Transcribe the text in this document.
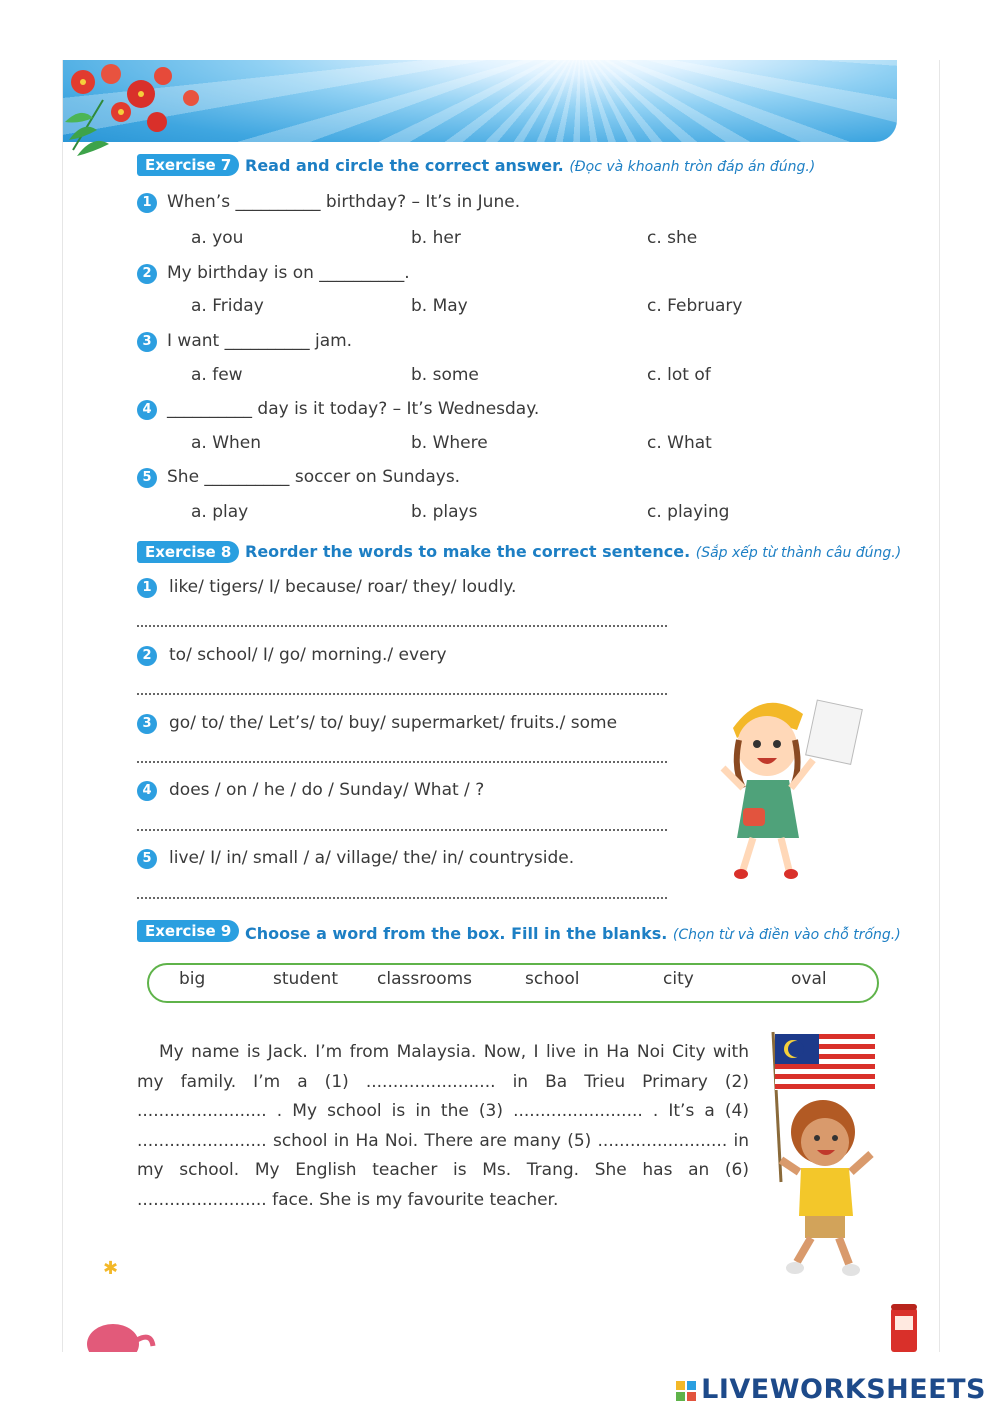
Exercise 7 Read and circle the correct answer. (Đọc và khoanh tròn đáp án đúng.)
1 When’s __________ birthday? – It’s in June.
a. you	b. her	c. she
2 My birthday is on __________.
a. Friday	b. May	c. February
3 I want __________ jam.
a. few	b. some	c. lot of
4 __________ day is it today? – It’s Wednesday.
a. When	b. Where	c. What
5 She __________ soccer on Sundays.
a. play	b. plays	c. playing
Exercise 8 Reorder the words to make the correct sentence. (Sắp xếp từ thành câu đúng.)
1	like/ tigers/ I/ because/ roar/ they/ loudly.
2	to/ school/ I/ go/ morning./ every
3	go/ to/ the/ Let’s/ to/ buy/ supermarket/ fruits./ some
4	does / on / he / do / Sunday/ What / ?
5	live/ I/ in/ small / a/ village/ the/ in/ countryside.
Exercise 9 Choose a word from the box. Fill in the blanks. (Chọn từ và điền vào chỗ trống.)
big	student classrooms	school	city	oval
My name is Jack. I’m from Malaysia. Now, I live in Ha Noi City with my family. I’m a (1) ........................ in Ba Trieu Primary (2) ........................ . My school is in the (3) ........................ . It’s a (4) ........................ school in Ha Noi. There are many (5) ........................ in my school. My English teacher is Ms. Trang. She has an (6) ........................ face. She is my favourite teacher.
✱
LIVEWORKSHEETS
